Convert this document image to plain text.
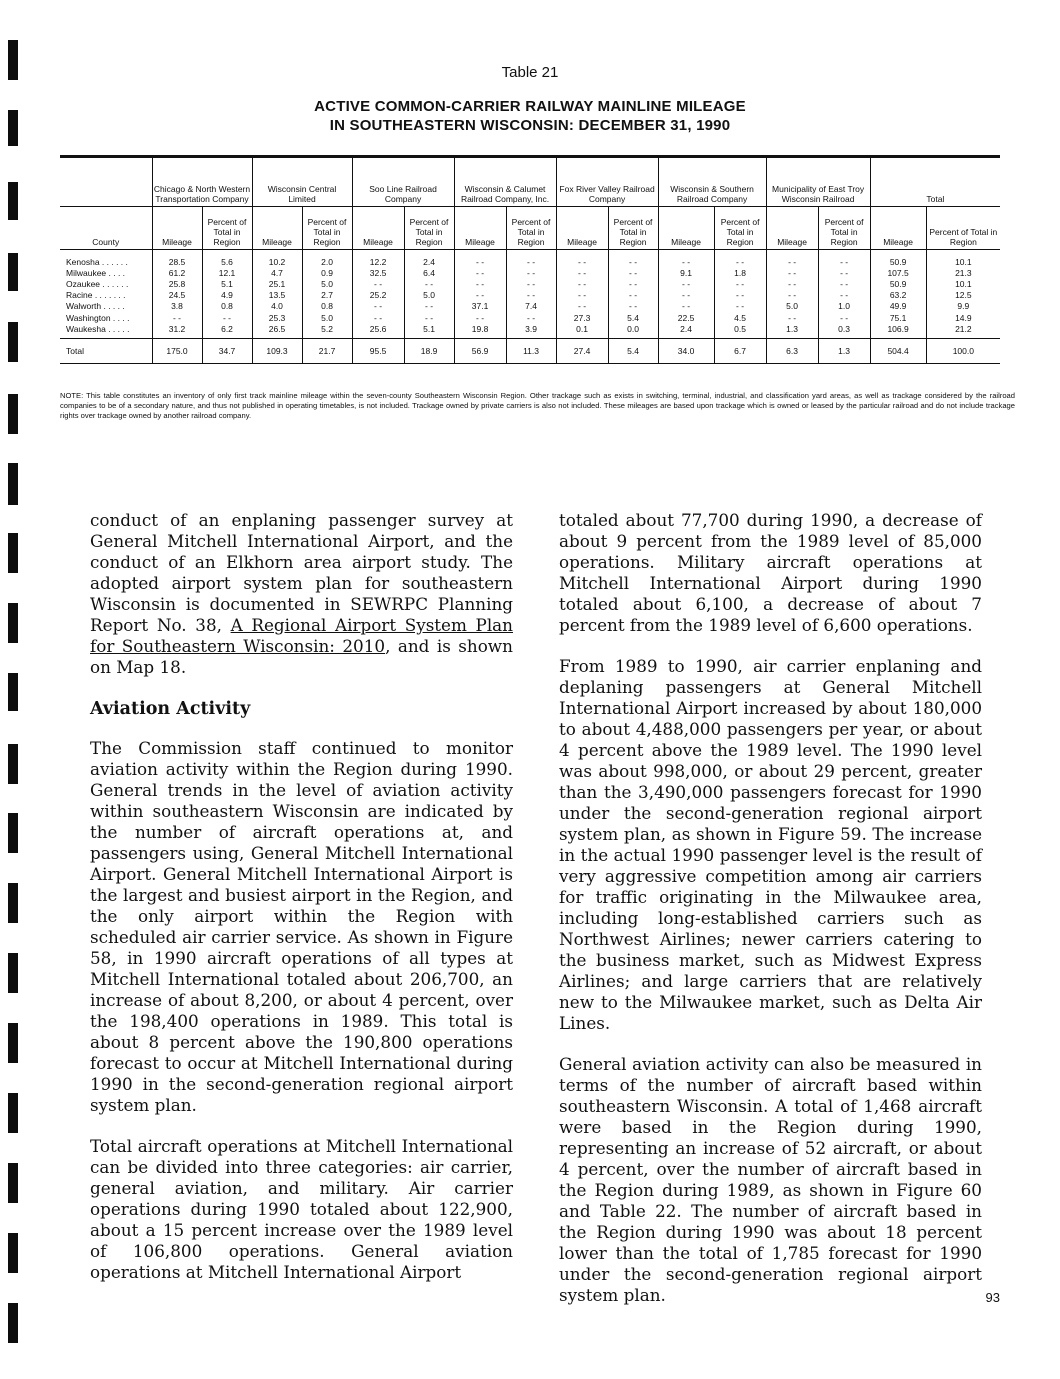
Table 21
ACTIVE COMMON-CARRIER RAILWAY MAINLINE MILEAGE
IN SOUTHEASTERN WISCONSIN: DECEMBER 31, 1990
	Chicago & North Western Transportation Company		Wisconsin Central Limited		Soo Line Railroad Company		Wisconsin & Calumet Railroad Company, Inc.		Fox River Valley Railroad Company		Wisconsin & Southern Railroad Company		Municipality of East Troy Wisconsin Railroad		Total	
County	Mileage	Percent of Total in Region	Mileage	Percent of Total in Region	Mileage	Percent of Total in Region	Mileage	Percent of Total in Region	Mileage	Percent of Total in Region	Mileage	Percent of Total in Region	Mileage	Percent of Total in Region	Mileage	Percent of Total in Region
Kenosha . . . . . .	28.5	5.6	10.2	2.0	12.2	2.4	- -	- -	- -	- -	- -	- -	- -	- -	50.9	10.1
Milwaukee . . . .	61.2	12.1	4.7	0.9	32.5	6.4	- -	- -	- -	- -	9.1	1.8	- -	- -	107.5	21.3
Ozaukee . . . . . .	25.8	5.1	25.1	5.0	- -	- -	- -	- -	- -	- -	- -	- -	- -	- -	50.9	10.1
Racine . . . . . . .	24.5	4.9	13.5	2.7	25.2	5.0	- -	- -	- -	- -	- -	- -	- -	- -	63.2	12.5
Walworth . . . . .	3.8	0.8	4.0	0.8	- -	- -	37.1	7.4	- -	- -	- -	- -	5.0	1.0	49.9	9.9
Washington . . . .	- -	- -	25.3	5.0	- -	- -	- -	- -	27.3	5.4	22.5	4.5	- -	- -	75.1	14.9
Waukesha . . . . .	31.2	6.2	26.5	5.2	25.6	5.1	19.8	3.9	0.1	0.0	2.4	0.5	1.3	0.3	106.9	21.2
Total	175.0	34.7	109.3	21.7	95.5	18.9	56.9	11.3	27.4	5.4	34.0	6.7	6.3	1.3	504.4	100.0
NOTE: This table constitutes an inventory of only first track mainline mileage within the seven-county Southeastern Wisconsin Region. Other trackage such as exists in switching, terminal, industrial, and classification yard areas, as well as trackage considered by the railroad companies to be of a secondary nature, and thus not published in operating timetables, is not included. Trackage owned by private carriers is also not included. These mileages are based upon trackage which is owned or leased by the particular railroad and do not include trackage rights over trackage owned by another railroad company.

conduct of an enplaning passenger survey at General Mitchell International Airport, and the conduct of an Elkhorn area airport study. The adopted airport system plan for southeastern Wisconsin is documented in SEWRPC Planning Report No. 38, A Regional Airport System Plan for Southeastern Wisconsin: 2010, and is shown on Map 18.

Aviation Activity

The Commission staff continued to monitor aviation activity within the Region during 1990. General trends in the level of aviation activity within southeastern Wisconsin are indicated by the number of aircraft operations at, and passengers using, General Mitchell International Airport. General Mitchell International Airport is the largest and busiest airport in the Region, and the only airport within the Region with scheduled air carrier service. As shown in Figure 58, in 1990 aircraft operations of all types at Mitchell International totaled about 206,700, an increase of about 8,200, or about 4 percent, over the 198,400 operations in 1989. This total is about 8 percent above the 190,800 operations forecast to occur at Mitchell International during 1990 in the second-generation regional airport system plan.

Total aircraft operations at Mitchell International can be divided into three categories: air carrier, general aviation, and military. Air carrier operations during 1990 totaled about 122,900, about a 15 percent increase over the 1989 level of 106,800 operations. General aviation operations at Mitchell International Airport

totaled about 77,700 during 1990, a decrease of about 9 percent from the 1989 level of 85,000 operations. Military aircraft operations at Mitchell International Airport during 1990 totaled about 6,100, a decrease of about 7 percent from the 1989 level of 6,600 operations.

From 1989 to 1990, air carrier enplaning and deplaning passengers at General Mitchell International Airport increased by about 180,000 to about 4,488,000 passengers per year, or about 4 percent above the 1989 level. The 1990 level was about 998,000, or about 29 percent, greater than the 3,490,000 passengers forecast for 1990 under the second-generation regional airport system plan, as shown in Figure 59. The increase in the actual 1990 passenger level is the result of very aggressive competition among air carriers for traffic originating in the Milwaukee area, including long-established carriers such as Northwest Airlines; newer carriers catering to the business market, such as Midwest Express Airlines; and large carriers that are relatively new to the Milwaukee market, such as Delta Air Lines.

General aviation activity can also be measured in terms of the number of aircraft based within southeastern Wisconsin. A total of 1,468 aircraft were based in the Region during 1990, representing an increase of 52 aircraft, or about 4 percent, over the number of aircraft based in the Region during 1989, as shown in Figure 60 and Table 22. The number of aircraft based in the Region during 1990 was about 18 percent lower than the total of 1,785 forecast for 1990 under the second-generation regional airport system plan.	93
